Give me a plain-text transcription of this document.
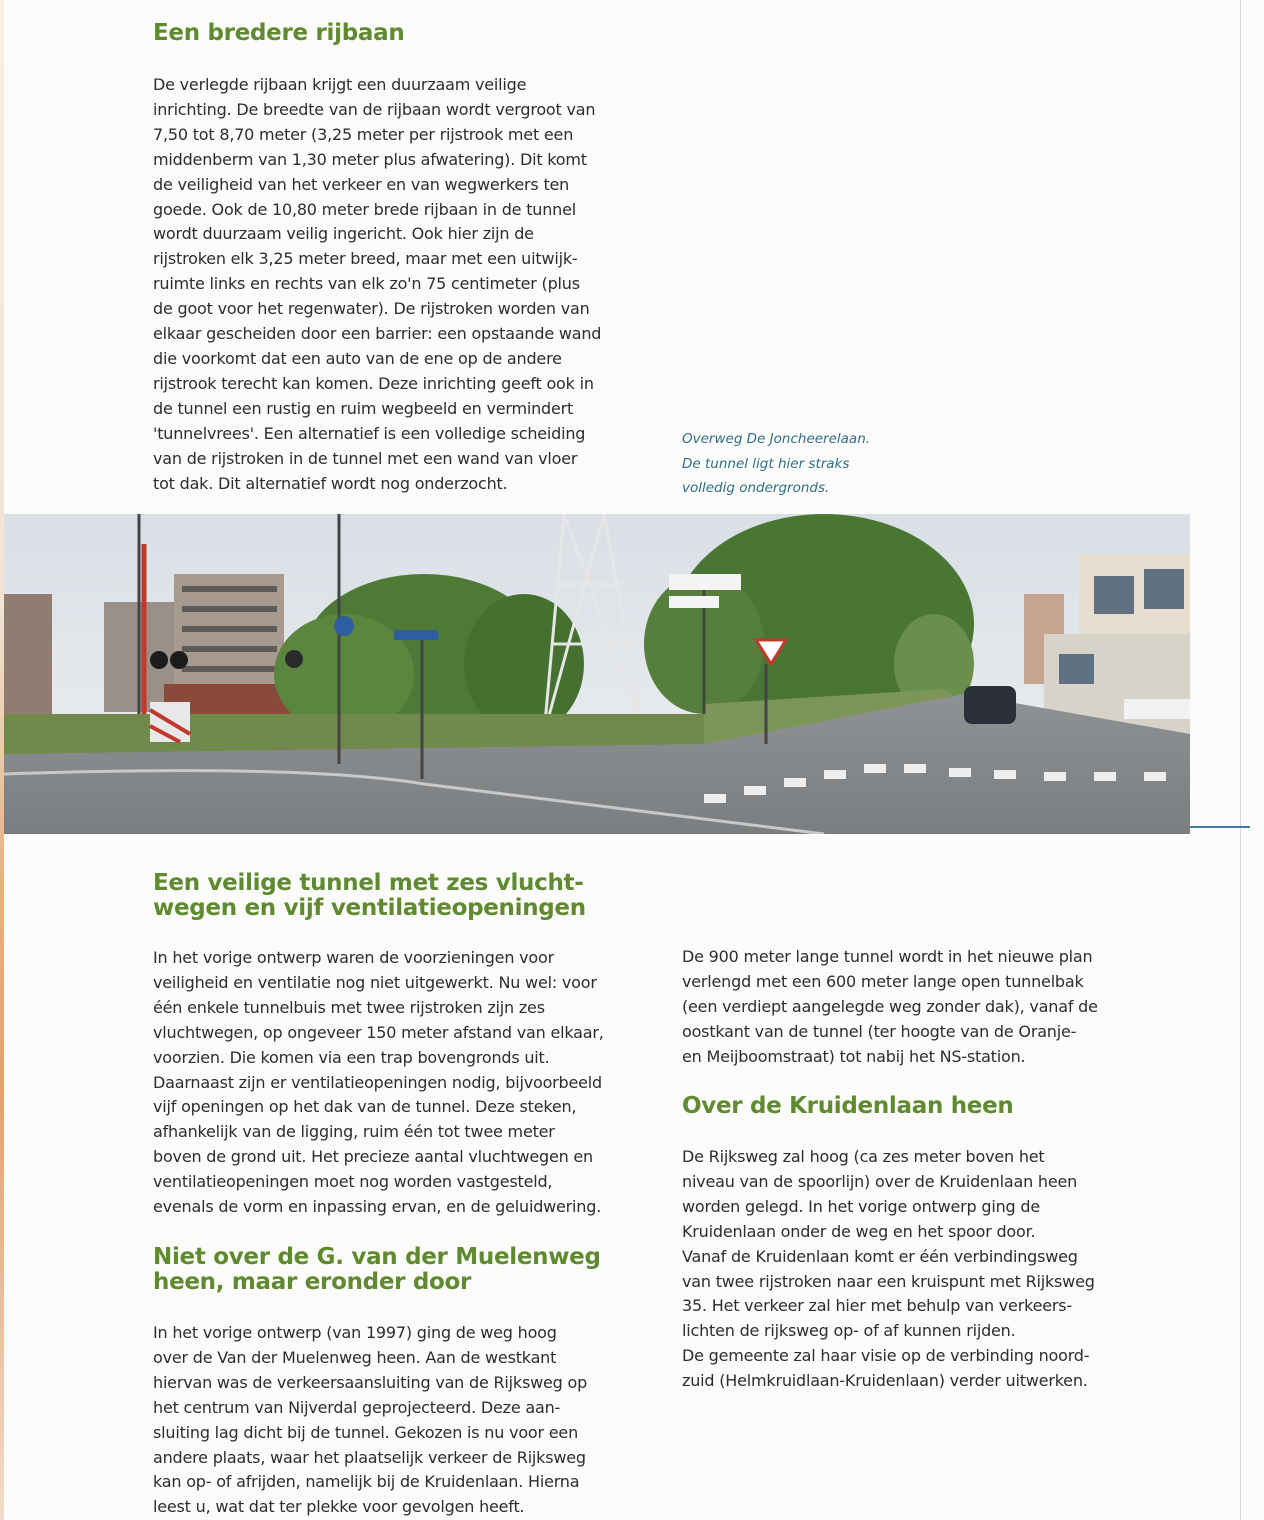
Een bredere rijbaan
De verlegde rijbaan krijgt een duurzaam veilige
inrichting. De breedte van de rijbaan wordt vergroot van
7,50 tot 8,70 meter (3,25 meter per rijstrook met een
middenberm van 1,30 meter plus afwatering). Dit komt
de veiligheid van het verkeer en van wegwerkers ten
goede. Ook de 10,80 meter brede rijbaan in de tunnel
wordt duurzaam veilig ingericht. Ook hier zijn de
rijstroken elk 3,25 meter breed, maar met een uitwijk-
ruimte links en rechts van elk zo'n 75 centimeter (plus
de goot voor het regenwater). De rijstroken worden van
elkaar gescheiden door een barrier: een opstaande wand
die voorkomt dat een auto van de ene op de andere
rijstrook terecht kan komen. Deze inrichting geeft ook in
de tunnel een rustig en ruim wegbeeld en vermindert
'tunnelvrees'. Een alternatief is een volledige scheiding
van de rijstroken in de tunnel met een wand van vloer
tot dak. Dit alternatief wordt nog onderzocht.
Overweg De Joncheerelaan.
De tunnel ligt hier straks
volledig ondergronds.
Een veilige tunnel met zes vlucht-
wegen en vijf ventilatieopeningen
In het vorige ontwerp waren de voorzieningen voor
veiligheid en ventilatie nog niet uitgewerkt. Nu wel: voor
één enkele tunnelbuis met twee rijstroken zijn zes
vluchtwegen, op ongeveer 150 meter afstand van elkaar,
voorzien. Die komen via een trap bovengronds uit.
Daarnaast zijn er ventilatieopeningen nodig, bijvoorbeeld
vijf openingen op het dak van de tunnel. Deze steken,
afhankelijk van de ligging, ruim één tot twee meter
boven de grond uit. Het precieze aantal vluchtwegen en
ventilatieopeningen moet nog worden vastgesteld,
evenals de vorm en inpassing ervan, en de geluidwering.
Niet over de G. van der Muelenweg
heen, maar eronder door
In het vorige ontwerp (van 1997) ging de weg hoog
over de Van der Muelenweg heen. Aan de westkant
hiervan was de verkeersaansluiting van de Rijksweg op
het centrum van Nijverdal geprojecteerd. Deze aan-
sluiting lag dicht bij de tunnel. Gekozen is nu voor een
andere plaats, waar het plaatselijk verkeer de Rijksweg
kan op- of afrijden, namelijk bij de Kruidenlaan. Hierna
leest u, wat dat ter plekke voor gevolgen heeft.
De 900 meter lange tunnel wordt in het nieuwe plan
verlengd met een 600 meter lange open tunnelbak
(een verdiept aangelegde weg zonder dak), vanaf de
oostkant van de tunnel (ter hoogte van de Oranje-
en Meijboomstraat) tot nabij het NS-station.
Over de Kruidenlaan heen
De Rijksweg zal hoog (ca zes meter boven het
niveau van de spoorlijn) over de Kruidenlaan heen
worden gelegd. In het vorige ontwerp ging de
Kruidenlaan onder de weg en het spoor door.
Vanaf de Kruidenlaan komt er één verbindingsweg
van twee rijstroken naar een kruispunt met Rijksweg
35. Het verkeer zal hier met behulp van verkeers-
lichten de rijksweg op- of af kunnen rijden.
De gemeente zal haar visie op de verbinding noord-
zuid (Helmkruidlaan-Kruidenlaan) verder uitwerken.
